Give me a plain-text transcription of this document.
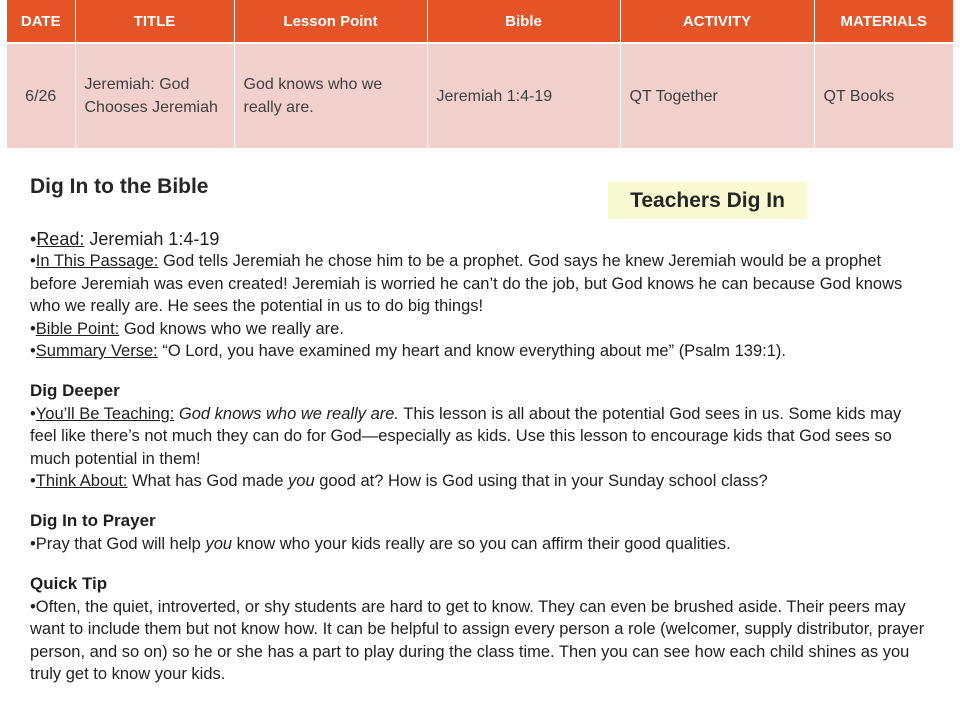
DATE	TITLE	Lesson Point	Bible	ACTIVITY	MATERIALS
6/26	Jeremiah: God Chooses Jeremiah	God knows who we really are.	Jeremiah 1:4-19	QT Together	QT Books
Teachers Dig In

Dig In to the Bible

•Read: Jeremiah 1:4-19

•In This Passage: God tells Jeremiah he chose him to be a prophet. God says he knew Jeremiah would be a prophet before Jeremiah was even created! Jeremiah is worried he can’t do the job, but God knows he can because God knows who we really are. He sees the potential in us to do big things!

•Bible Point: God knows who we really are.

•Summary Verse: “O Lord, you have examined my heart and know everything about me” (Psalm 139:1).

Dig Deeper

•You’ll Be Teaching: God knows who we really are. This lesson is all about the potential God sees in us. Some kids may feel like there’s not much they can do for God—especially as kids. Use this lesson to encourage kids that God sees so much potential in them!

•Think About: What has God made you good at? How is God using that in your Sunday school class?

Dig In to Prayer

•Pray that God will help you know who your kids really are so you can affirm their good qualities.

Quick Tip

•Often, the quiet, introverted, or shy students are hard to get to know. They can even be brushed aside. Their peers may want to include them but not know how. It can be helpful to assign every person a role (welcomer, supply distributor, prayer person, and so on) so he or she has a part to play during the class time. Then you can see how each child shines as you truly get to know your kids.
